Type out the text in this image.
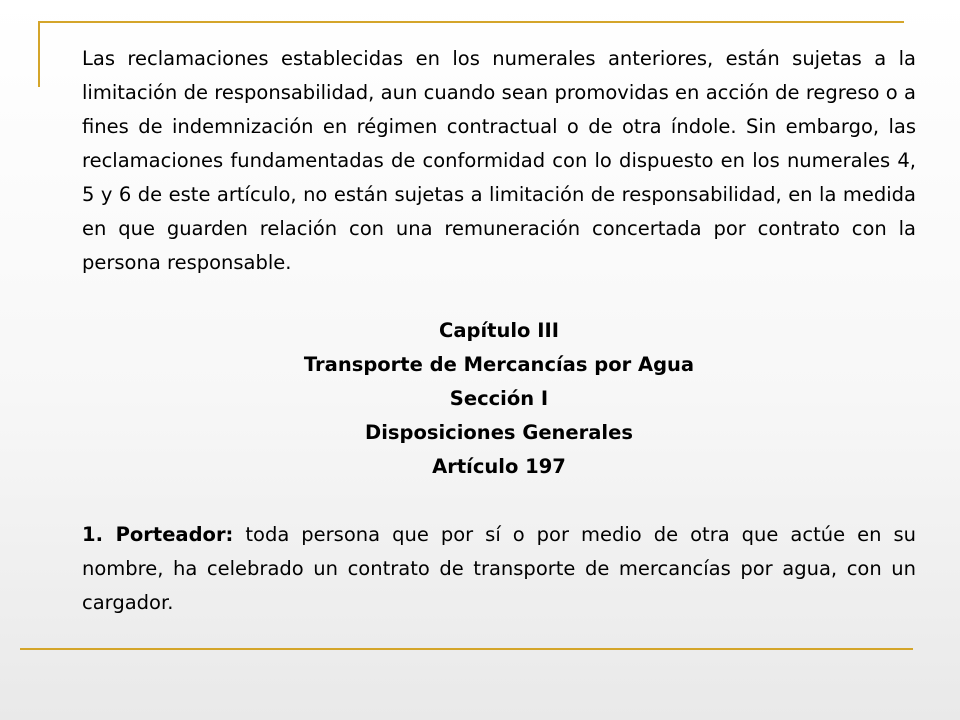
Las reclamaciones establecidas en los numerales anteriores, están sujetas a la limitación de responsabilidad, aun cuando sean promovidas en acción de regreso o a fines de indemnización en régimen contractual o de otra índole. Sin embargo, las reclamaciones fundamentadas de conformidad con lo dispuesto en los numerales 4, 5 y 6 de este artículo, no están sujetas a limitación de responsabilidad, en la medida en que guarden relación con una remuneración concertada por contrato con la persona responsable.

Capítulo III
Transporte de Mercancías por Agua
Sección I
Disposiciones Generales
Artículo 197

1. Porteador: toda persona que por sí o por medio de otra que actúe en su nombre, ha celebrado un contrato de transporte de mercancías por agua, con un cargador.
